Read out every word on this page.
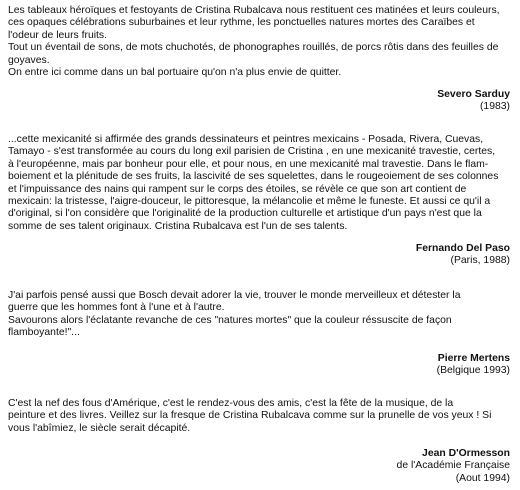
Les tableaux héroïques et festoyants de Cristina Rubalcava nous restituent ces matinées et leurs couleurs,
ces opaques célébrations suburbaines et leur rythme, les ponctuelles natures mortes des Caraïbes et
l'odeur de leurs fruits.
Tout un éventail de sons, de mots chuchotés, de phonographes rouillés, de porcs rôtis dans des feuilles de
goyaves.
On entre ici comme dans un bal portuaire qu'on n'a plus envie de quitter.

Severo Sarduy
(1983)

...cette mexicanité si affirmée des grands dessinateurs et peintres mexicains - Posada, Rivera, Cuevas,
Tamayo - s'est transformée au cours du long exil parisien de Cristina , en une mexicanité travestie, certes,
à l'européenne, mais par bonheur pour elle, et pour nous, en une mexicanité mal travestie. Dans le flam-
boiement et la plénitude de ses fruits, la lascivité de ses squelettes, dans le rougeoiement de ses colonnes
et l'impuissance des nains qui rampent sur le corps des étoiles, se révèle ce que son art contient de
mexicain: la tristesse, l'aigre-douceur, le pittoresque, la mélancolie et même le funeste. Et aussi ce qu'il a
d'original, si l'on considère que l'originalité de la production culturelle et artistique d'un pays n'est que la
somme de ses talent originaux. Cristina Rubalcava est l'un de ses talents.

Fernando Del Paso
(Paris, 1988)

J'ai parfois pensé aussi que Bosch devait adorer la vie, trouver le monde merveilleux et détester la
guerre que les hommes font à l'une et à l'autre.
Savourons alors l'éclatante revanche de ces "natures mortes" que la couleur réssuscite de façon
flamboyante!"...

Pierre Mertens
(Belgique 1993)

C'est la nef des fous d'Amérique, c'est le rendez-vous des amis, c'est la fête de la musique, de la
peinture et des livres. Veillez sur la fresque de Cristina Rubalcava comme sur la prunelle de vos yeux ! Si
vous l'abîmiez, le siècle serait décapité.

Jean D'Ormesson
de l'Académie Française
(Aout 1994)
